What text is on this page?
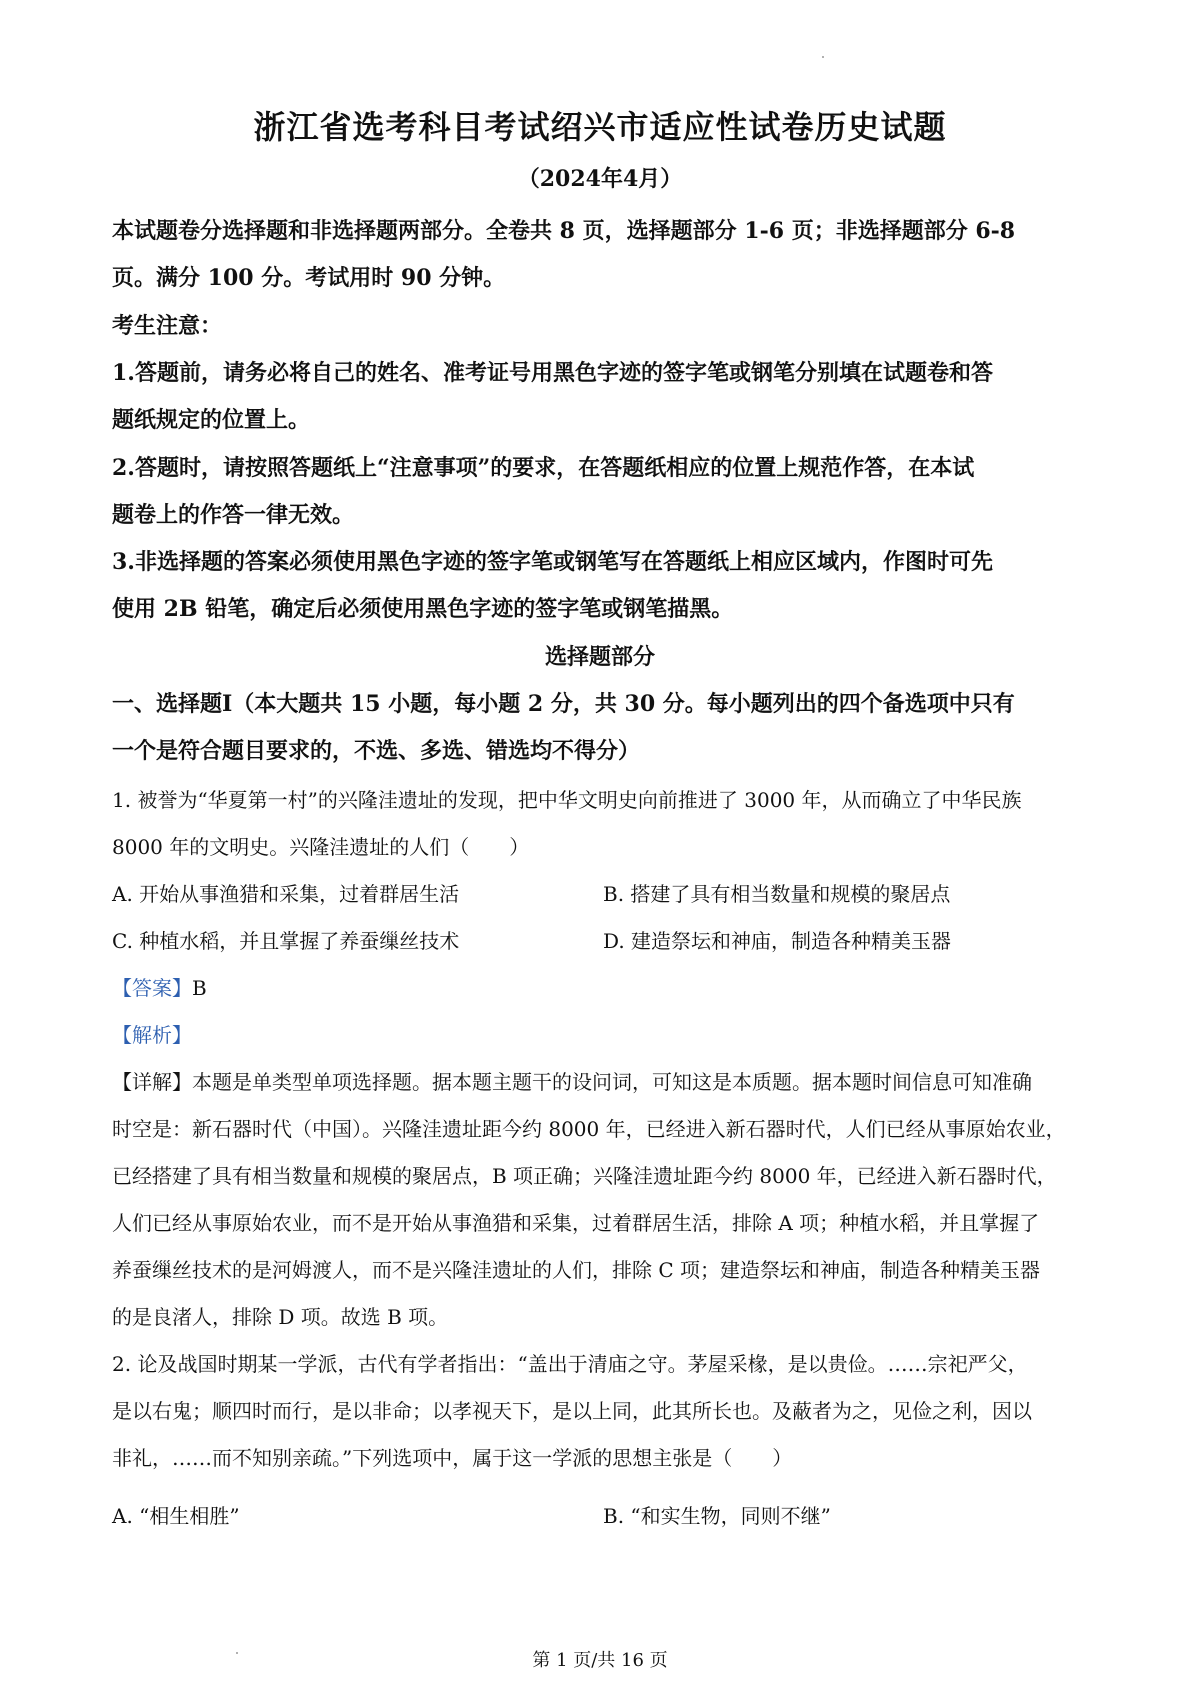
浙江省选考科目考试绍兴市适应性试卷历史试题
（2024年4月）
本试题卷分选择题和非选择题两部分。全卷共 8 页，选择题部分 1-6 页；非选择题部分 6-8
页。满分 100 分。考试用时 90 分钟。
考生注意：
1.答题前，请务必将自己的姓名、准考证号用黑色字迹的签字笔或钢笔分别填在试题卷和答
题纸规定的位置上。
2.答题时，请按照答题纸上“注意事项”的要求，在答题纸相应的位置上规范作答，在本试
题卷上的作答一律无效。
3.非选择题的答案必须使用黑色字迹的签字笔或钢笔写在答题纸上相应区域内，作图时可先
使用 2B 铅笔，确定后必须使用黑色字迹的签字笔或钢笔描黑。
选择题部分
一、选择题Ⅰ（本大题共 15 小题，每小题 2 分，共 30 分。每小题列出的四个备选项中只有
一个是符合题目要求的，不选、多选、错选均不得分）
1. 被誉为“华夏第一村”的兴隆洼遗址的发现，把中华文明史向前推进了 3000 年，从而确立了中华民族
8000 年的文明史。兴隆洼遗址的人们（　　）
A. 开始从事渔猎和采集，过着群居生活	B. 搭建了具有相当数量和规模的聚居点
C. 种植水稻，并且掌握了养蚕缫丝技术	D. 建造祭坛和神庙，制造各种精美玉器
【答案】B
【解析】
【详解】本题是单类型单项选择题。据本题主题干的设问词，可知这是本质题。据本题时间信息可知准确
时空是：新石器时代（中国）。兴隆洼遗址距今约 8000 年，已经进入新石器时代，人们已经从事原始农业，
已经搭建了具有相当数量和规模的聚居点，B 项正确；兴隆洼遗址距今约 8000 年，已经进入新石器时代，
人们已经从事原始农业，而不是开始从事渔猎和采集，过着群居生活，排除 A 项；种植水稻，并且掌握了
养蚕缫丝技术的是河姆渡人，而不是兴隆洼遗址的人们，排除 C 项；建造祭坛和神庙，制造各种精美玉器
的是良渚人，排除 D 项。故选 B 项。
2. 论及战国时期某一学派，古代有学者指出：“盖出于清庙之守。茅屋采椽，是以贵俭。……宗祀严父，
是以右鬼；顺四时而行，是以非命；以孝视天下，是以上同，此其所长也。及蔽者为之，见俭之利，因以
非礼，……而不知别亲疏。”下列选项中，属于这一学派的思想主张是（　　）
A. “相生相胜”	B. “和实生物，同则不继”
第 1 页/共 16 页
